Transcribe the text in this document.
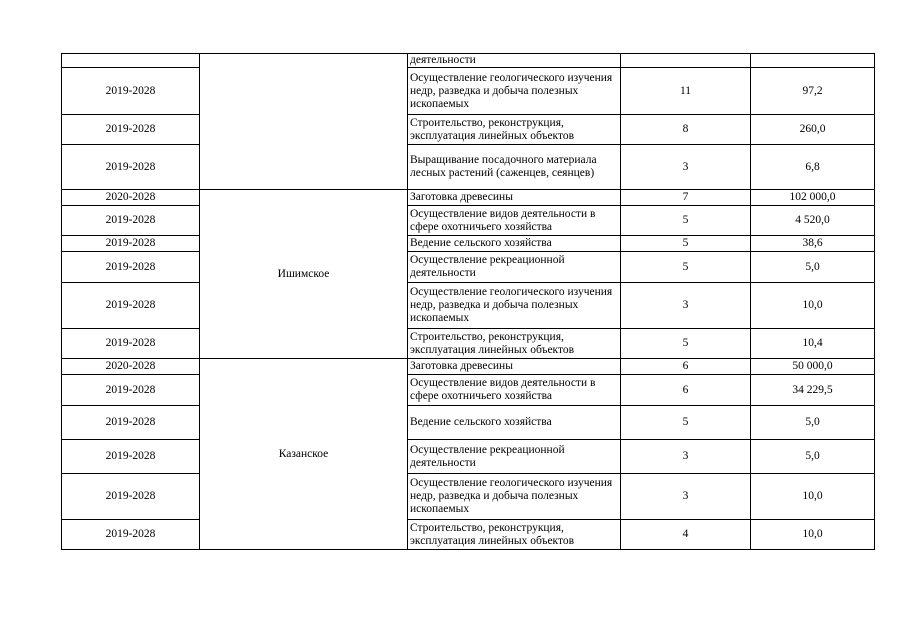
		деятельности		

2019-2028		Осуществление геологического изучения недр, разведка и добыча полезных ископаемых	11	97,2
2019-2028		Строительство, реконструкция, эксплуатация линейных объектов	8	260,0
2019-2028		Выращивание посадочного материала лесных растений (саженцев, сеянцев)	3	6,8
2020-2028	Ишимское	Заготовка древесины	7	102 000,0
2019-2028		Осуществление видов деятельности в сфере охотничьего хозяйства	5	4 520,0
2019-2028		Ведение сельского хозяйства	5	38,6
2019-2028		Осуществление рекреационной деятельности	5	5,0
2019-2028		Осуществление геологического изучения недр, разведка и добыча полезных ископаемых	3	10,0
2019-2028		Строительство, реконструкция, эксплуатация линейных объектов	5	10,4
2020-2028	Казанское	Заготовка древесины	6	50 000,0
2019-2028		Осуществление видов деятельности в сфере охотничьего хозяйства	6	34 229,5
2019-2028		Ведение сельского хозяйства	5	5,0
2019-2028		Осуществление рекреационной деятельности	3	5,0
2019-2028		Осуществление геологического изучения недр, разведка и добыча полезных ископаемых	3	10,0
2019-2028		Строительство, реконструкция, эксплуатация линейных объектов	4	10,0
